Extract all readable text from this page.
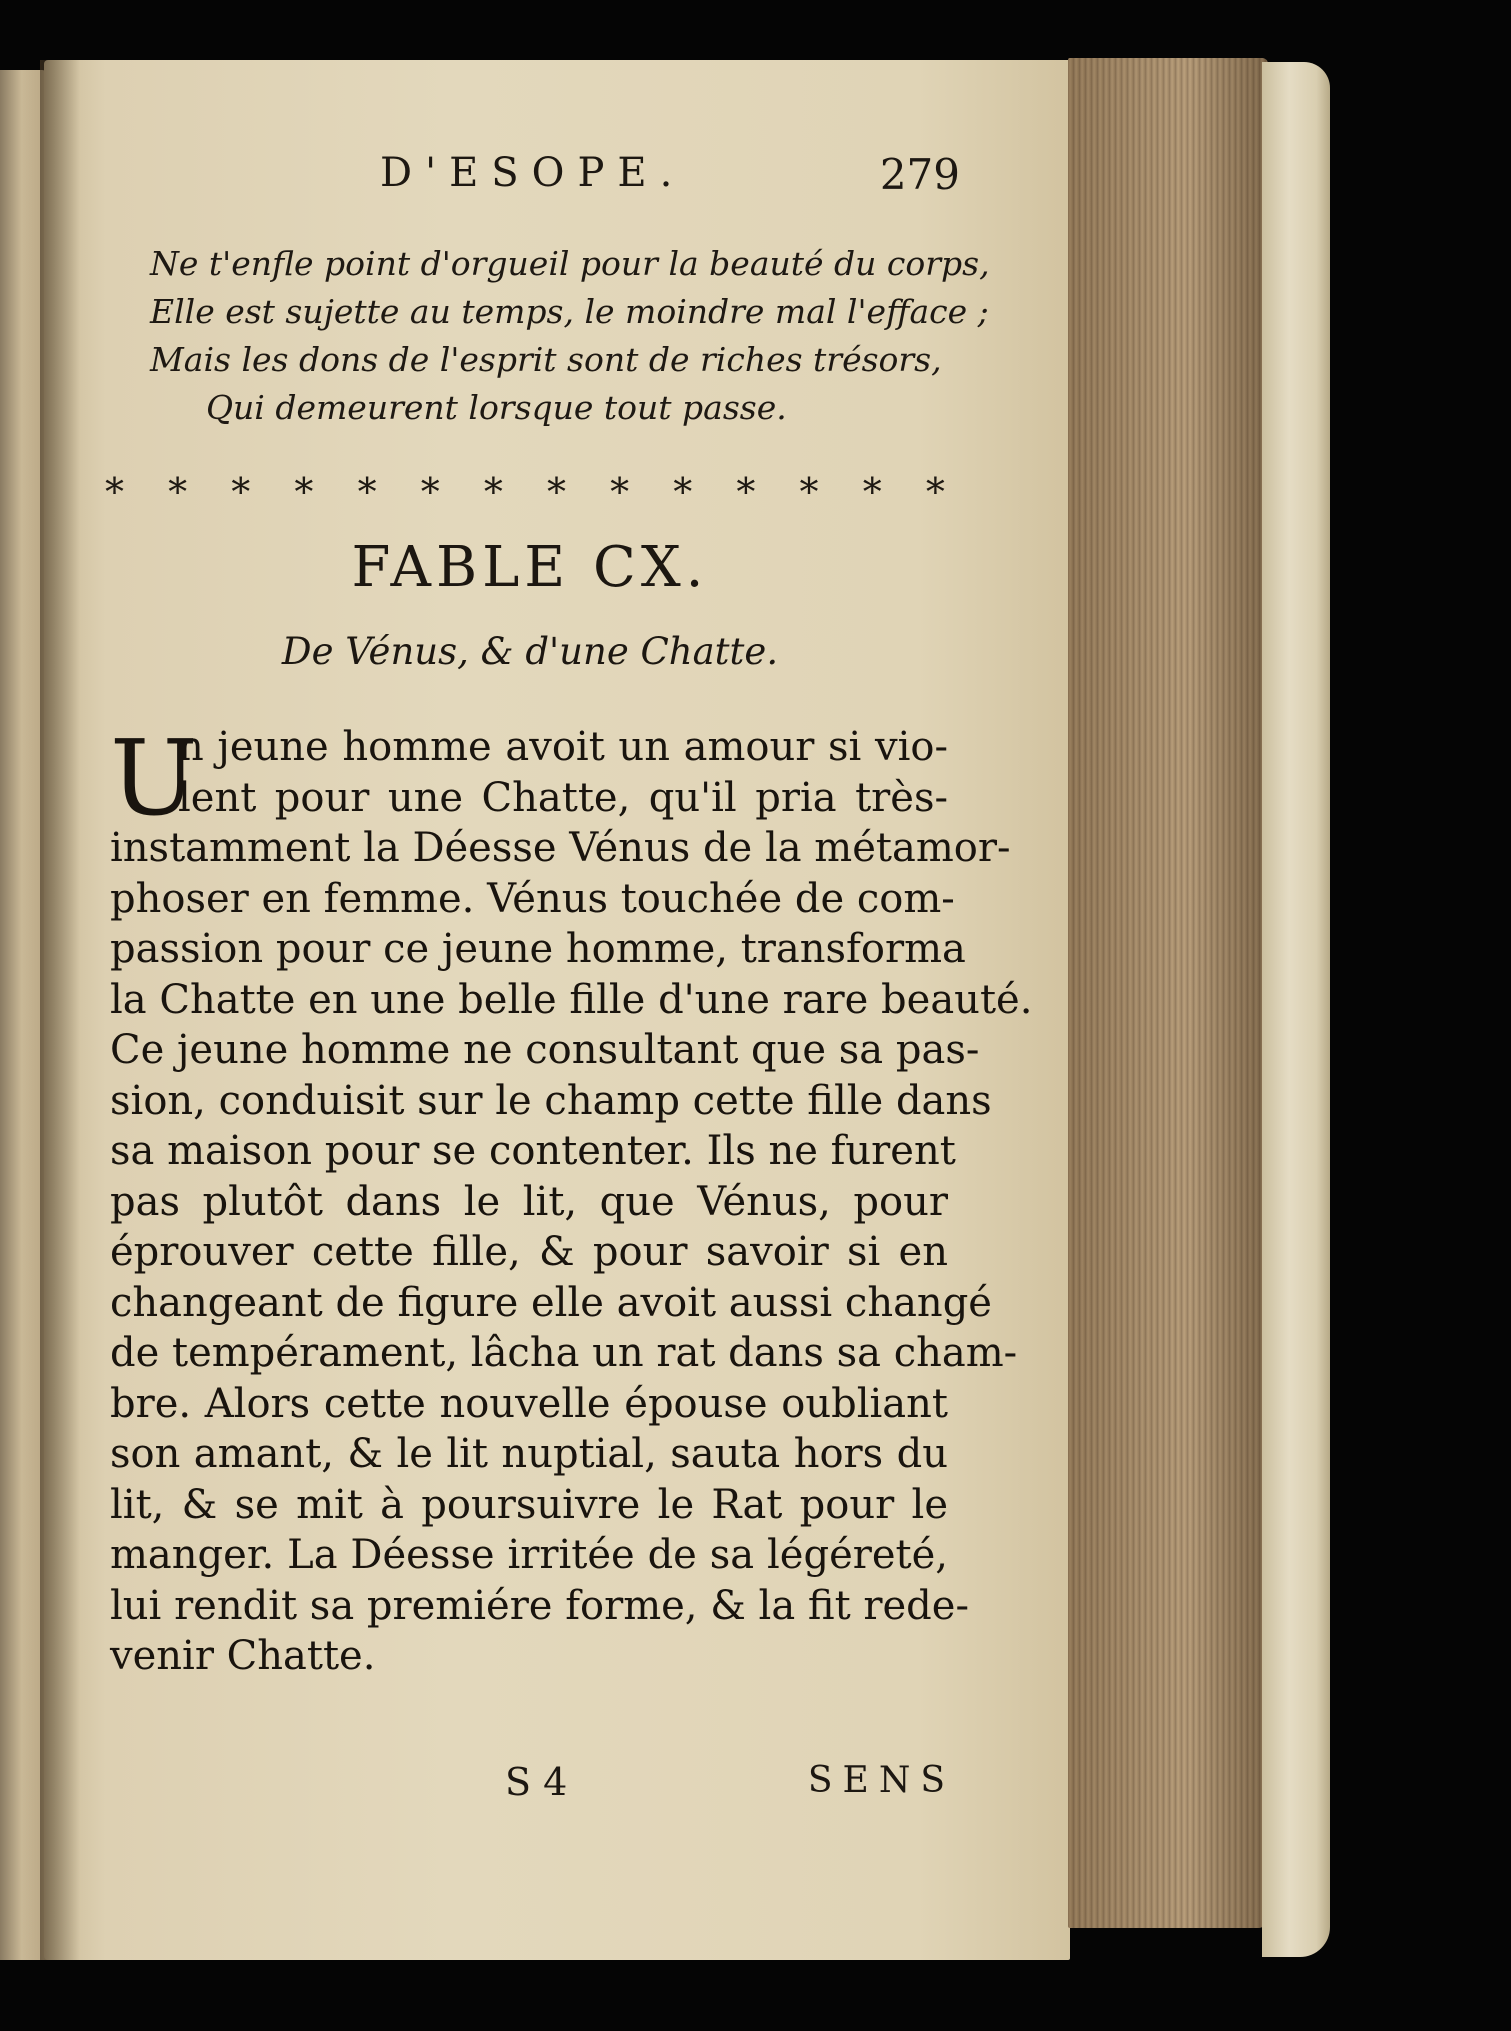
D'ESOPE.	279
Ne t'enfle point d'orgueil pour la beauté du corps,
Elle est sujette au temps, le moindre mal l'efface ;
Mais les dons de l'esprit sont de riches trésors,
Qui demeurent lorsque tout passe.
* * * * * * * * * * * * * *
FABLE CX.
De Vénus, & d'une Chatte.
U
n jeune homme avoit un amour si vio-
lent pour une Chatte, qu'il pria très-
instamment la Déesse Vénus de la métamor-
phoser en femme. Vénus touchée de com-
passion pour ce jeune homme, transforma
la Chatte en une belle fille d'une rare beauté.
Ce jeune homme ne consultant que sa pas-
sion, conduisit sur le champ cette fille dans
sa maison pour se contenter. Ils ne furent
pas plutôt dans le lit, que Vénus, pour
éprouver cette fille, & pour savoir si en
changeant de figure elle avoit aussi changé
de tempérament, lâcha un rat dans sa cham-
bre. Alors cette nouvelle épouse oubliant
son amant, & le lit nuptial, sauta hors du
lit, & se mit à poursuivre le Rat pour le
manger. La Déesse irritée de sa légéreté,
lui rendit sa premiére forme, & la fit rede-
venir Chatte.
S 4	SENS
